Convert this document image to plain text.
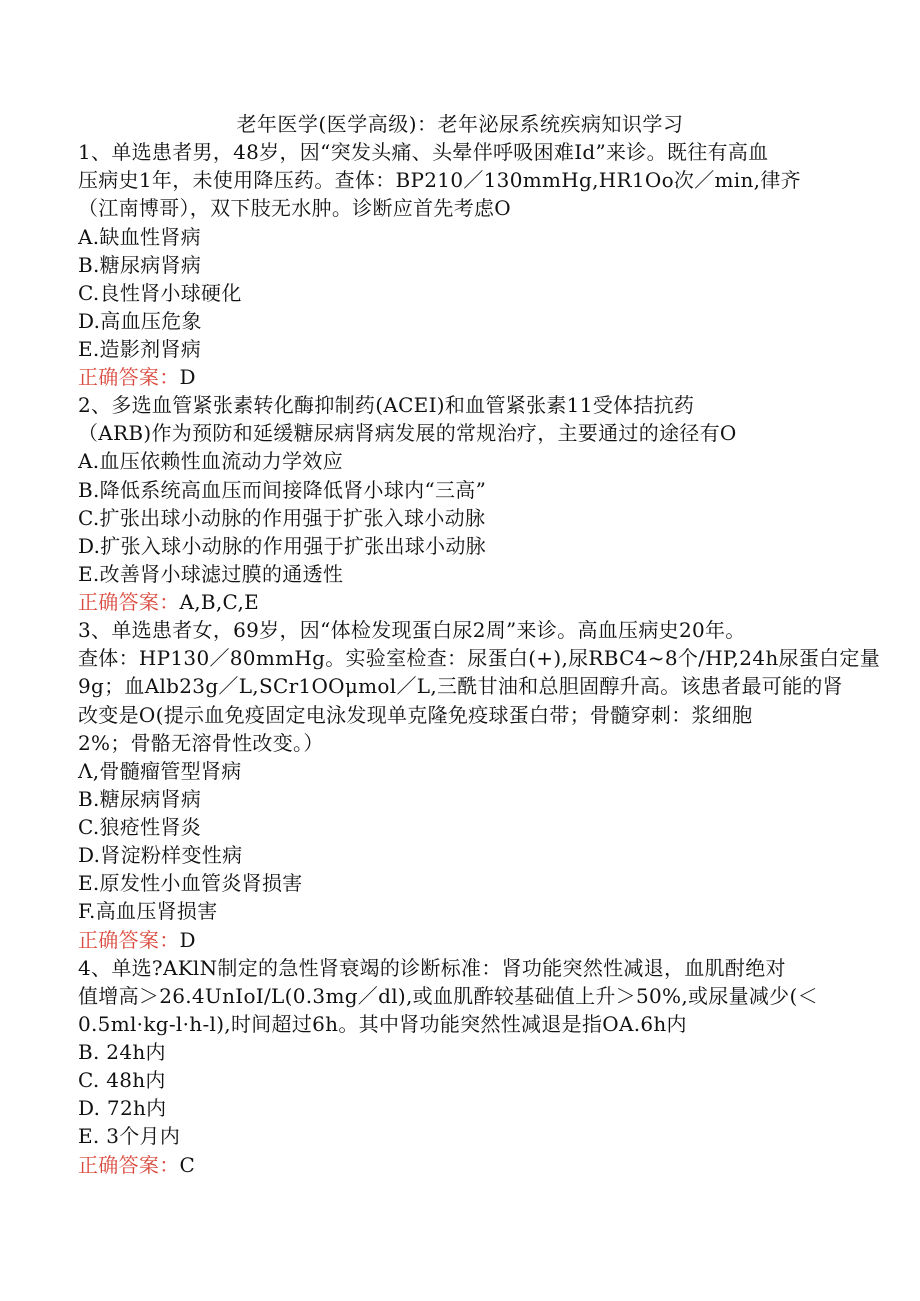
老年医学(医学高级)：老年泌尿系统疾病知识学习
1、单选患者男，48岁，因“突发头痛、头晕伴呼吸困难Id”来诊。既往有高血
压病史1年，未使用降压药。查体：BP210／130mmHg,HR1Oo次／min,律齐
（江南博哥），双下肢无水肿。诊断应首先考虑O
A.缺血性肾病
B.糖尿病肾病
C.良性肾小球硬化
D.高血压危象
E.造影剂肾病
正确答案：D
2、多选血管紧张素转化酶抑制药(ACEI)和血管紧张素11受体拮抗药
（ARB)作为预防和延缓糖尿病肾病发展的常规治疗，主要通过的途径有O
A.血压依赖性血流动力学效应
B.降低系统高血压而间接降低肾小球内“三高”
C.扩张出球小动脉的作用强于扩张入球小动脉
D.扩张入球小动脉的作用强于扩张出球小动脉
E.改善肾小球滤过膜的通透性
正确答案：A,B,C,E
3、单选患者女，69岁，因“体检发现蛋白尿2周”来诊。高血压病史20年。
查体：HP130／80mmHg。实验室检查：尿蛋白(+),尿RBC4~8个/HP,24h尿蛋白定量
9g；血Alb23g／L,SCr1OOμmol／L,三酰甘油和总胆固醇升高。该患者最可能的肾
改变是O(提示血免疫固定电泳发现单克隆免疫球蛋白带；骨髓穿刺：浆细胞
2%；骨骼无溶骨性改变。）
Λ,骨髓瘤管型肾病
B.糖尿病肾病
C.狼疮性肾炎
D.肾淀粉样变性病
E.原发性小血管炎肾损害
F.高血压肾损害
正确答案：D
4、单选?AKlN制定的急性肾衰竭的诊断标准：肾功能突然性减退，血肌酎绝对
值增高＞26.4UnIoI/L(0.3mg／dl),或血肌酢较基础值上升＞50%,或尿量减少(＜
0.5ml·kg-l·h-l),时间超过6h。其中肾功能突然性减退是指OA.6h内
B. 24h内
C. 48h内
D. 72h内
E. 3个月内
正确答案：C
